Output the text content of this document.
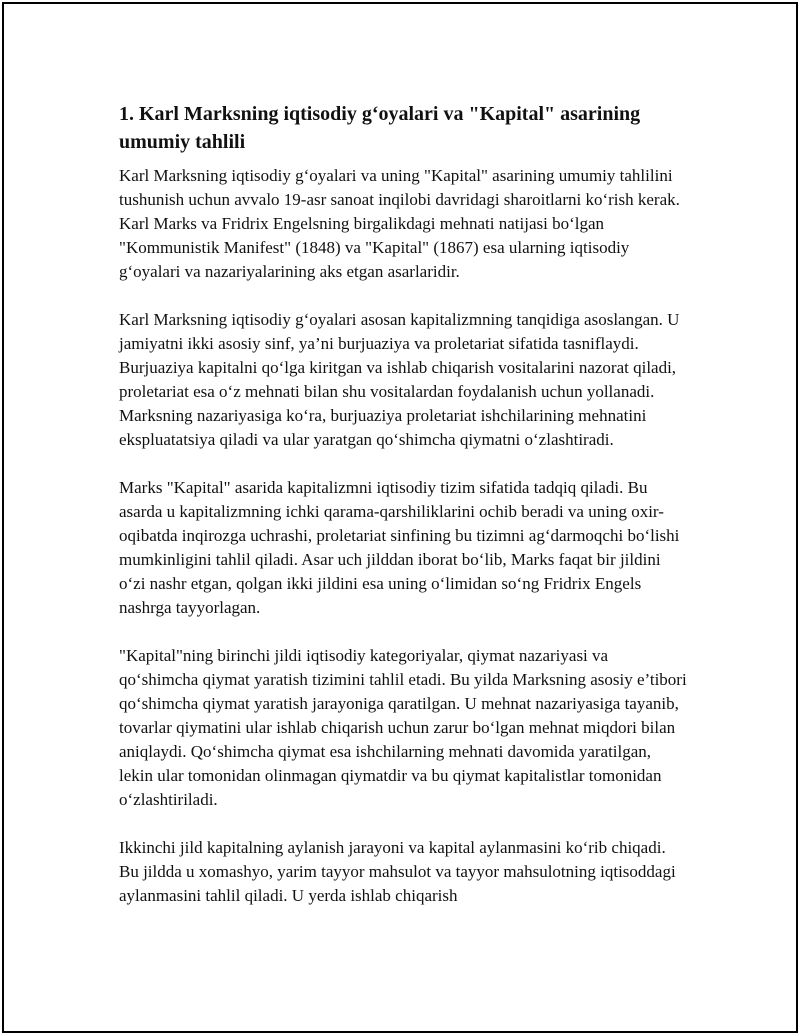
1. Karl Marksning iqtisodiy g‘oyalari va "Kapital" asarining umumiy tahlili

Karl Marksning iqtisodiy g‘oyalari va uning "Kapital" asarining umumiy tahlilini tushunish uchun avvalo 19-asr sanoat inqilobi davridagi sharoitlarni ko‘rish kerak. Karl Marks va Fridrix Engelsning birgalikdagi mehnati natijasi bo‘lgan "Kommunistik Manifest" (1848) va "Kapital" (1867) esa ularning iqtisodiy g‘oyalari va nazariyalarining aks etgan asarlaridir.

Karl Marksning iqtisodiy g‘oyalari asosan kapitalizmning tanqidiga asoslangan. U jamiyatni ikki asosiy sinf, ya’ni burjuaziya va proletariat sifatida tasniflaydi. Burjuaziya kapitalni qo‘lga kiritgan va ishlab chiqarish vositalarini nazorat qiladi, proletariat esa o‘z mehnati bilan shu vositalardan foydalanish uchun yollanadi. Marksning nazariyasiga ko‘ra, burjuaziya proletariat ishchilarining mehnatini ekspluatatsiya qiladi va ular yaratgan qo‘shimcha qiymatni o‘zlashtiradi.

Marks "Kapital" asarida kapitalizmni iqtisodiy tizim sifatida tadqiq qiladi. Bu asarda u kapitalizmning ichki qarama-qarshiliklarini ochib beradi va uning oxir-oqibatda inqirozga uchrashi, proletariat sinfining bu tizimni ag‘darmoqchi bo‘lishi mumkinligini tahlil qiladi. Asar uch jilddan iborat bo‘lib, Marks faqat bir jildini o‘zi nashr etgan, qolgan ikki jildini esa uning o‘limidan so‘ng Fridrix Engels nashrga tayyorlagan.

"Kapital"ning birinchi jildi iqtisodiy kategoriyalar, qiymat nazariyasi va qo‘shimcha qiymat yaratish tizimini tahlil etadi. Bu yilda Marksning asosiy e’tibori qo‘shimcha qiymat yaratish jarayoniga qaratilgan. U mehnat nazariyasiga tayanib, tovarlar qiymatini ular ishlab chiqarish uchun zarur bo‘lgan mehnat miqdori bilan aniqlaydi. Qo‘shimcha qiymat esa ishchilarning mehnati davomida yaratilgan, lekin ular tomonidan olinmagan qiymatdir va bu qiymat kapitalistlar tomonidan o‘zlashtiriladi.

Ikkinchi jild kapitalning aylanish jarayoni va kapital aylanmasini ko‘rib chiqadi. Bu jildda u xomashyo, yarim tayyor mahsulot va tayyor mahsulotning iqtisoddagi aylanmasini tahlil qiladi. U yerda ishlab chiqarish
